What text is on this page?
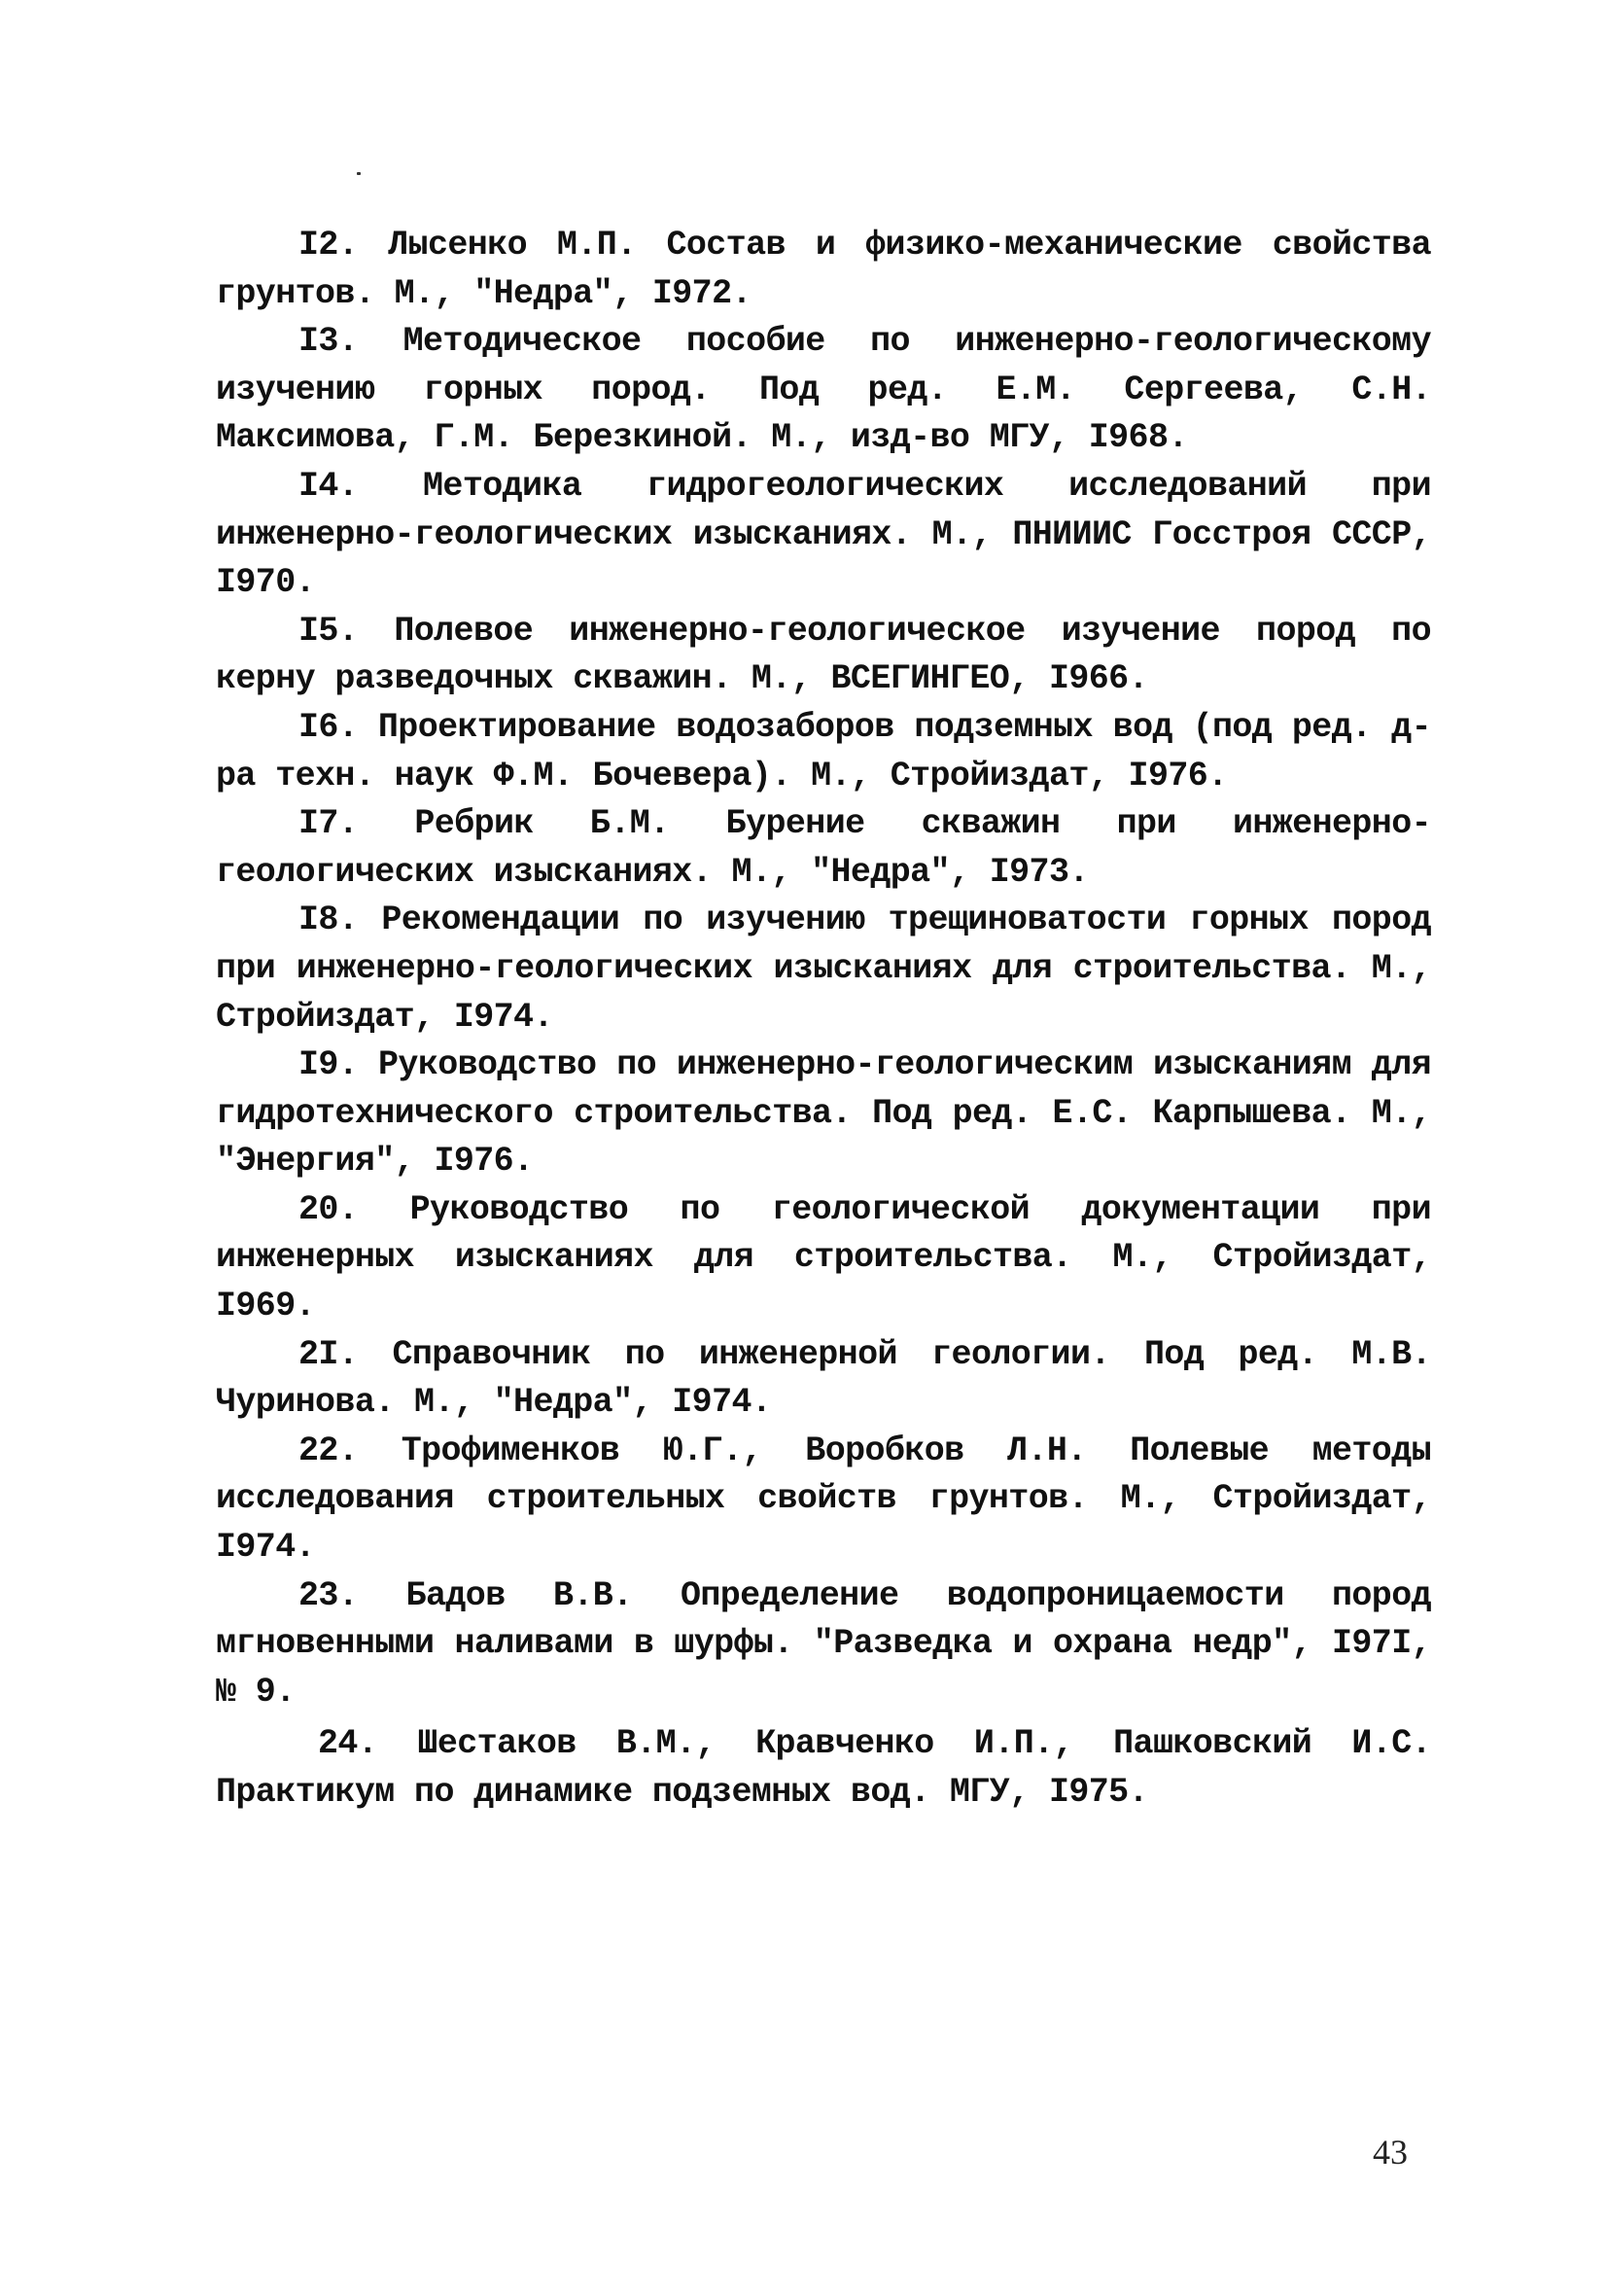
I2. Лысенко М.П. Состав и физико-механические свойства грунтов. М., "Недра", I972.

I3. Методическое пособие по инженерно-геологическому изучению горных пород. Под ред. Е.М. Сергеева, С.Н. Максимова, Г.М. Березкиной. М., изд-во МГУ, I968.

I4. Методика гидрогеологических исследований при инженерно-геологических изысканиях. М., ПНИИИС Госстроя СССР, I970.

I5. Полевое инженерно-геологическое изучение пород по керну разведочных скважин. М., ВСЕГИНГЕО, I966.

I6. Проектирование водозаборов подземных вод (под ред. д-ра техн. наук Ф.М. Бочевера). М., Стройиздат, I976.

I7. Ребрик Б.М. Бурение скважин при инженерно-геологических изысканиях. М., "Недра", I973.

I8. Рекомендации по изучению трещиноватости горных пород при инженерно-геологических изысканиях для строительства. М., Стройиздат, I974.

I9. Руководство по инженерно-геологическим изысканиям для гидротехнического строительства. Под ред. Е.С. Карпышева. М., "Энергия", I976.

20. Руководство по геологической документации при инженерных изысканиях для строительства. М., Стройиздат, I969.

2I. Справочник по инженерной геологии. Под ред. М.В. Чуринова. М., "Недра", I974.

22. Трофименков Ю.Г., Воробков Л.Н. Полевые методы исследования строительных свойств грунтов. М., Стройиздат, I974.

23. Бадов В.В. Определение водопроницаемости пород мгновенными наливами в шурфы. "Разведка и охрана недр", I97I, № 9.

24. Шестаков В.М., Кравченко И.П., Пашковский И.С. Практикум по динамике подземных вод. МГУ, I975.

43
